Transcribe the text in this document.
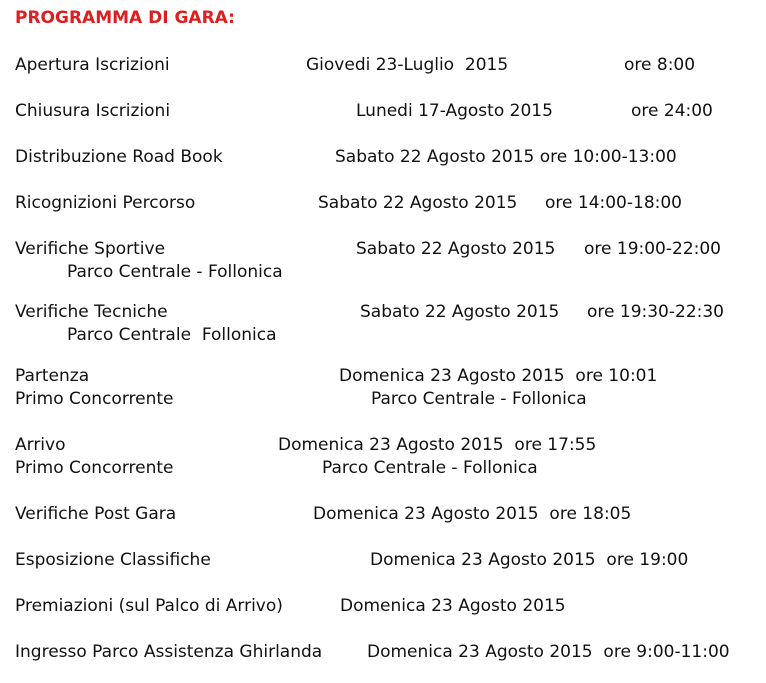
PROGRAMMA DI GARA:
Apertura Iscrizioni	Giovedi 23-Luglio  2015	ore 8:00
Chiusura Iscrizioni	Lunedi 17-Agosto 2015	ore 24:00
Distribuzione Road Book	Sabato 22 Agosto 2015 ore 10:00-13:00
Ricognizioni Percorso	Sabato 22 Agosto 2015 ore 14:00-18:00
Verifiche Sportive	Sabato 22 Agosto 2015 ore 19:00-22:00
Parco Centrale - Follonica
Verifiche Tecniche	Sabato 22 Agosto 2015 ore 19:30-22:30
Parco Centrale  Follonica
Partenza	Domenica 23 Agosto 2015  ore 10:01
Primo Concorrente	Parco Centrale - Follonica
Arrivo	Domenica 23 Agosto 2015  ore 17:55
Primo Concorrente	Parco Centrale - Follonica
Verifiche Post Gara	Domenica 23 Agosto 2015  ore 18:05
Esposizione Classifiche	Domenica 23 Agosto 2015  ore 19:00
Premiazioni (sul Palco di Arrivo)	Domenica 23 Agosto 2015
Ingresso Parco Assistenza Ghirlanda	Domenica 23 Agosto 2015  ore 9:00-11:00
